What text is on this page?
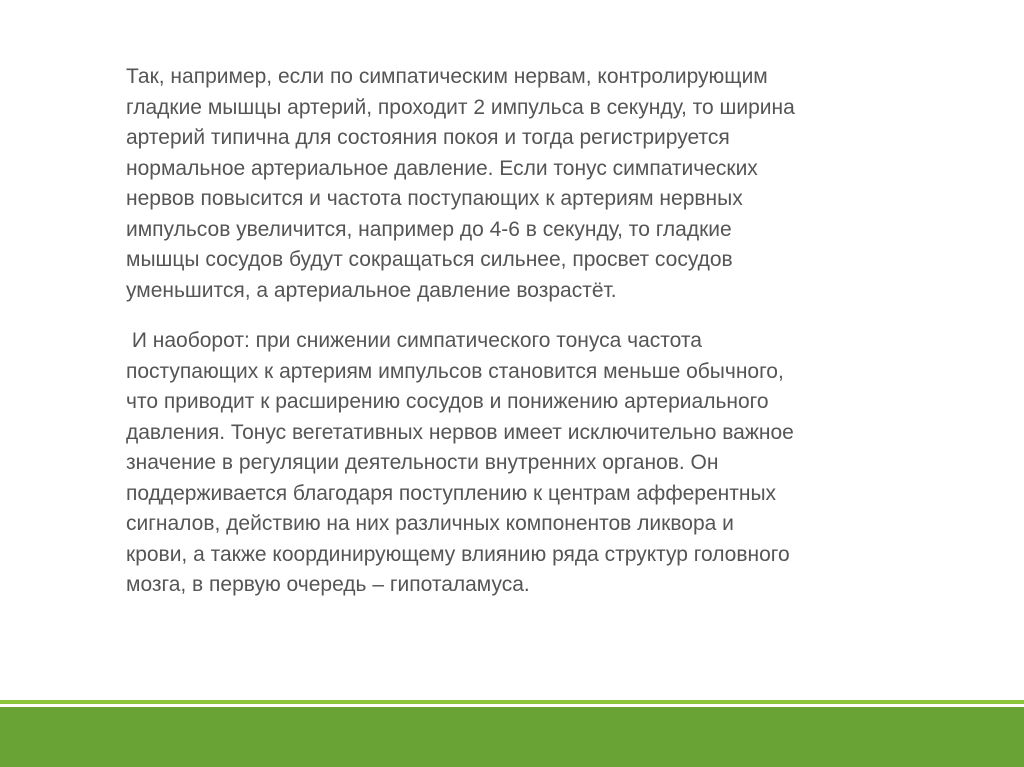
Так, например, если по симпатическим нервам, контролирующим
гладкие мышцы артерий, проходит 2 импульса в секунду, то ширина
артерий типична для состояния покоя и тогда регистрируется
нормальное артериальное давление. Если тонус симпатических
нервов повысится и частота поступающих к артериям нервных
импульсов увеличится, например до 4-6 в секунду, то гладкие
мышцы сосудов будут сокращаться сильнее, просвет сосудов
уменьшится, а артериальное давление возрастёт.
И наоборот: при снижении симпатического тонуса частота
поступающих к артериям импульсов становится меньше обычного,
что приводит к расширению сосудов и понижению артериального
давления. Тонус вегетативных нервов имеет исключительно важное
значение в регуляции деятельности внутренних органов. Он
поддерживается благодаря поступлению к центрам афферентных
сигналов, действию на них различных компонентов ликвора и
крови, а также координирующему влиянию ряда структур головного
мозга, в первую очередь – гипоталамуса.
